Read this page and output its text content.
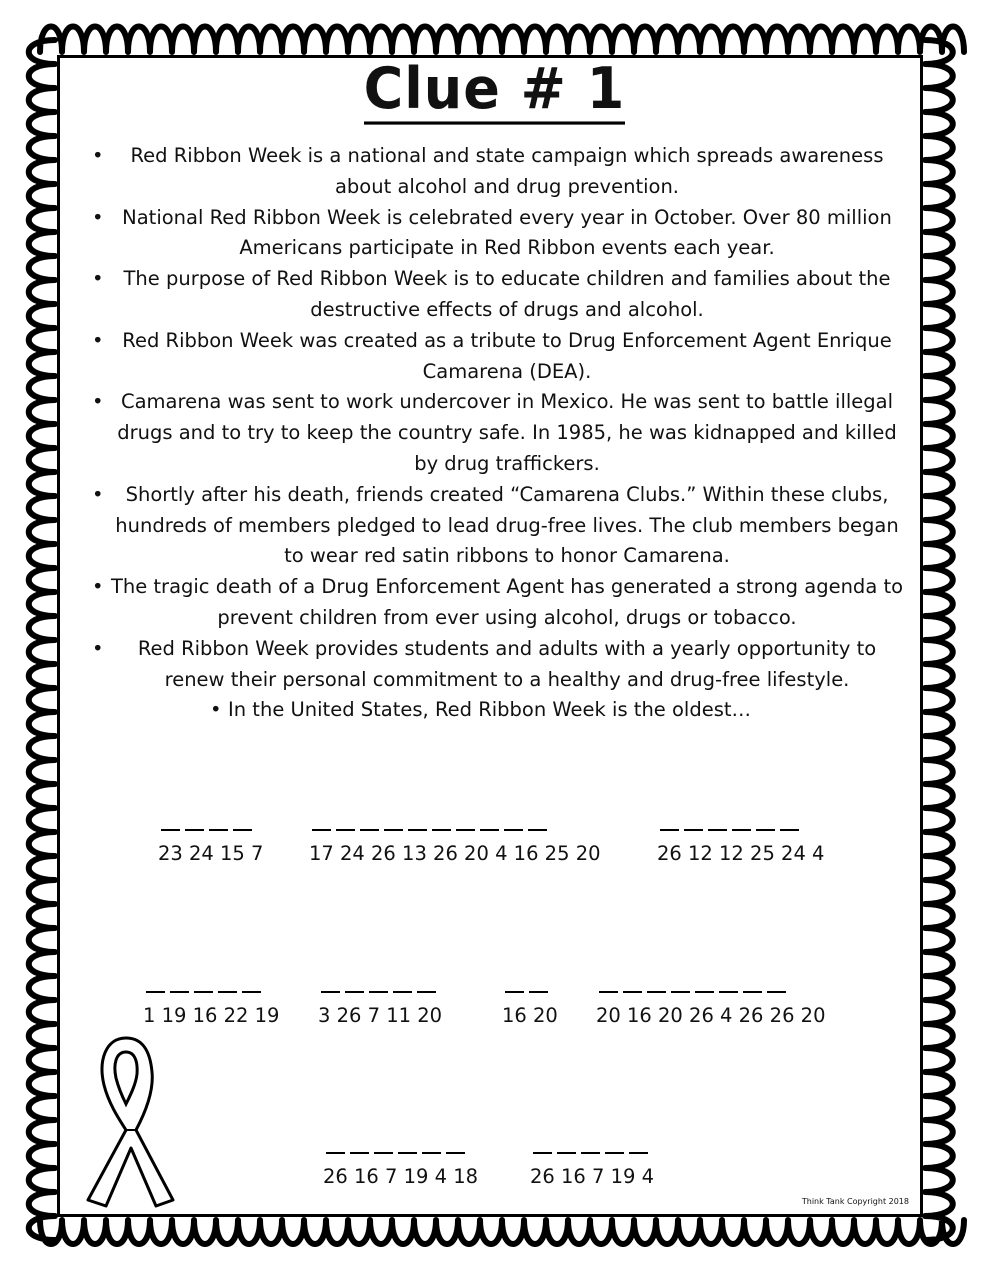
Clue # 1
• Red Ribbon Week is a national and state campaign which spreads awareness about alcohol and drug prevention.
• National Red Ribbon Week is celebrated every year in October. Over 80 million Americans participate in Red Ribbon events each year.
• The purpose of Red Ribbon Week is to educate children and families about the destructive effects of drugs and alcohol.
• Red Ribbon Week was created as a tribute to Drug Enforcement Agent Enrique Camarena (DEA).
• Camarena was sent to work undercover in Mexico. He was sent to battle illegal drugs and to try to keep the country safe. In 1985, he was kidnapped and killed by drug traffickers.
• Shortly after his death, friends created “Camarena Clubs.” Within these clubs, hundreds of members pledged to lead drug-free lives. The club members began to wear red satin ribbons to honor Camarena.
• The tragic death of a Drug Enforcement Agent has generated a strong agenda to prevent children from ever using alcohol, drugs or tobacco.
• Red Ribbon Week provides students and adults with a yearly opportunity to renew their personal commitment to a healthy and drug-free lifestyle.
• In the United States, Red Ribbon Week is the oldest…
23 24 15 7 17 24 26 13 26 20 4 16 25 20	26 12 12 25 24 4
1 19 16 22 19 3 26 7 11 20	16 20 20 16 20 26 4 26 26 20
26 16 7 19 4 18	26 16 7 19 4
Think Tank Copyright 2018
